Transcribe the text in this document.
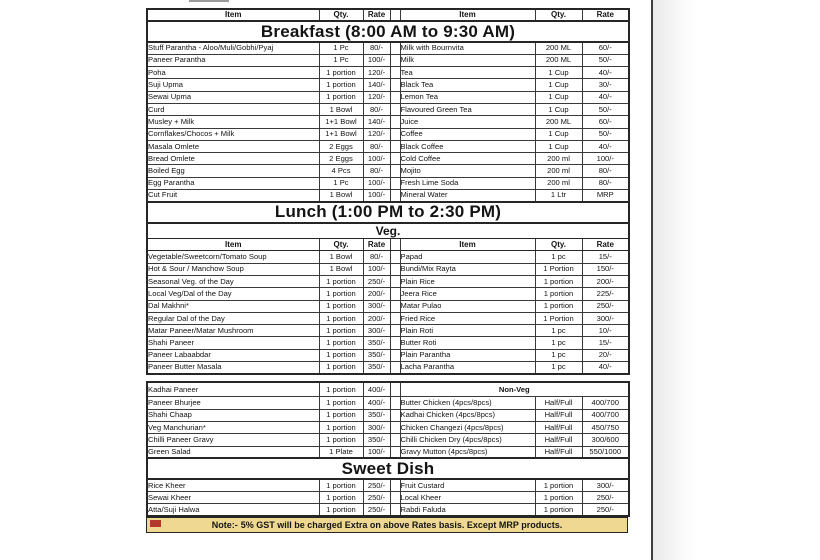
Item	Qty.	Rate		Item	Qty.	Rate
Breakfast (8:00 AM to 9:30 AM)						
Stuff Parantha - Aloo/Muli/Gobhi/Pyaj	1 Pc	80/-		Milk with Bournvita	200 ML	60/-
Paneer Parantha	1 Pc	100/-		Milk	200 ML	50/-
Poha	1 portion	120/-		Tea	1 Cup	40/-
Suji Upma	1 portion	140/-		Black Tea	1 Cup	30/-
Sewai Upma	1 portion	120/-		Lemon Tea	1 Cup	40/-
Curd	1 Bowl	80/-		Flavoured Green Tea	1 Cup	50/-
Musley + Milk	1+1 Bowl	140/-		Juice	200 ML	60/-
Cornflakes/Chocos + Milk	1+1 Bowl	120/-		Coffee	1 Cup	50/-
Masala Omlete	2 Eggs	80/-		Black Coffee	1 Cup	40/-
Bread Omlete	2 Eggs	100/-		Cold Coffee	200 ml	100/-
Boiled Egg	4 Pcs	80/-		Mojito	200 ml	80/-
Egg Parantha	1 Pc	100/-		Fresh Lime Soda	200 ml	80/-
Cut Fruit	1 Bowl	100/-		Mineral Water	1 Ltr	MRP
Lunch (1:00 PM to 2:30 PM)						
Veg.						
Item	Qty.	Rate		Item	Qty.	Rate
Vegetable/Sweetcorn/Tomato Soup	1 Bowl	80/-		Papad	1 pc	15/-
Hot & Sour / Manchow Soup	1 Bowl	100/-		Bundi/Mix Rayta	1 Portion	150/-
Seasonal Veg. of the Day	1 portion	250/-		Plain Rice	1 portion	200/-
Local Veg/Dal of the Day	1 portion	200/-		Jeera Rice	1 portion	225/-
Dal Makhni*	1 portion	300/-		Matar Pulao	1 portion	250/-
Regular Dal of the Day	1 portion	200/-		Fried Rice	1 Portion	300/-
Matar Paneer/Matar Mushroom	1 portion	300/-		Plain Roti	1 pc	10/-
Shahi Paneer	1 portion	350/-		Butter Roti	1 pc	15/-
Paneer Labaabdar	1 portion	350/-		Plain Parantha	1 pc	20/-
Paneer Butter Masala	1 portion	350/-		Lacha Parantha	1 pc	40/-
Kadhai Paneer	1 portion	400/-		Non-Veg		
Paneer Bhurjee	1 portion	400/-		Butter Chicken (4pcs/8pcs)	Half/Full	400/700
Shahi Chaap	1 portion	350/-		Kadhai Chicken (4pcs/8pcs)	Half/Full	400/700
Veg Manchurian*	1 portion	300/-		Chicken Changezi (4pcs/8pcs)	Half/Full	450/750
Chilli Paneer Gravy	1 portion	350/-		Chilli Chicken Dry (4pcs/8pcs)	Half/Full	300/600
Green Salad	1 Plate	100/-		Gravy Mutton (4pcs/8pcs)	Half/Full	550/1000
Sweet Dish						
Rice Kheer	1 portion	250/-		Fruit Custard	1 portion	300/-
Sewai Kheer	1 portion	250/-		Local Kheer	1 portion	250/-
Atta/Suji Halwa	1 portion	250/-		Rabdi Faluda	1 portion	250/-
Note:- 5% GST will be charged Extra on above Rates basis. Except MRP products.
